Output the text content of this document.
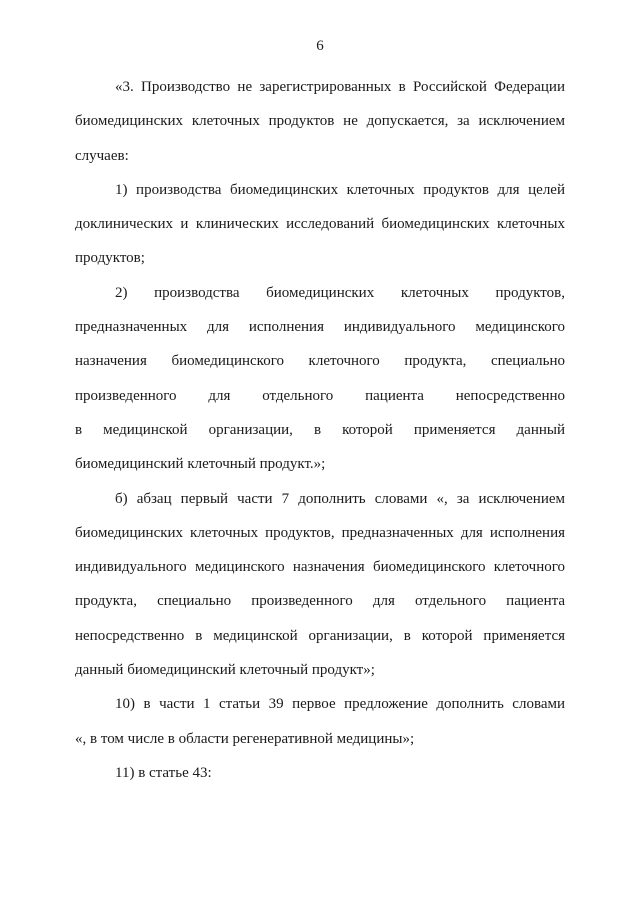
6
«3. Производство не зарегистрированных в Российской Федерации
биомедицинских клеточных продуктов не допускается, за исключением
случаев:
1) производства биомедицинских клеточных продуктов для целей
доклинических и клинических исследований биомедицинских клеточных
продуктов;
2) производства биомедицинских клеточных продуктов,
предназначенных для исполнения индивидуального медицинского
назначения биомедицинского клеточного продукта, специально
произведенного для отдельного пациента непосредственно
в медицинской организации, в которой применяется данный
биомедицинский клеточный продукт.»;
б) абзац первый части 7 дополнить словами «, за исключением
биомедицинских клеточных продуктов, предназначенных для исполнения
индивидуального медицинского назначения биомедицинского клеточного
продукта, специально произведенного для отдельного пациента
непосредственно в медицинской организации, в которой применяется
данный биомедицинский клеточный продукт»;
10) в части 1 статьи 39 первое предложение дополнить словами
«, в том числе в области регенеративной медицины»;
11) в статье 43:
